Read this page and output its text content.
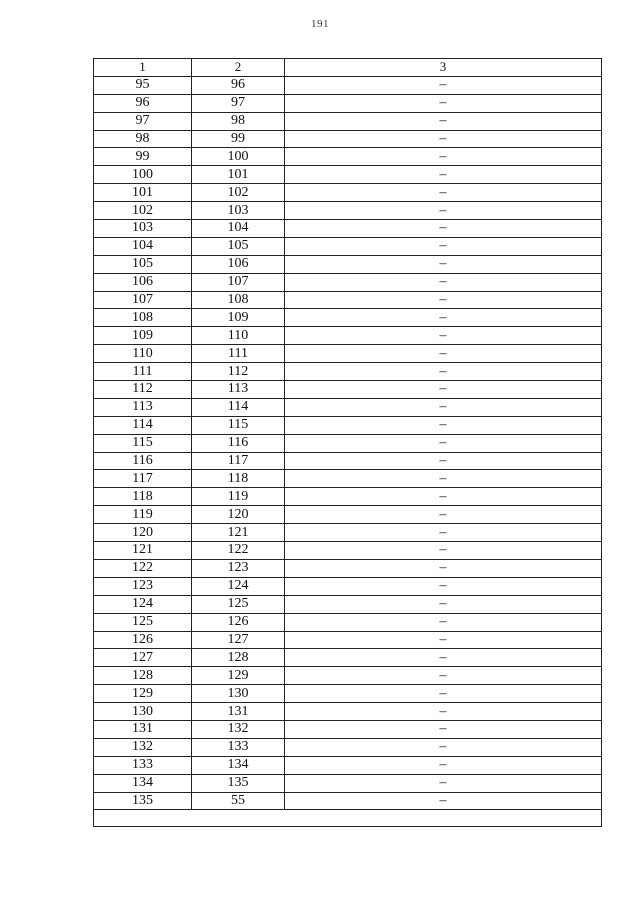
191
1	2	3
95	96	–
96	97	–
97	98	–
98	99	–
99	100	–
100	101	–
101	102	–
102	103	–
103	104	–
104	105	–
105	106	–
106	107	–
107	108	–
108	109	–
109	110	–
110	111	–
111	112	–
112	113	–
113	114	–
114	115	–
115	116	–
116	117	–
117	118	–
118	119	–
119	120	–
120	121	–
121	122	–
122	123	–
123	124	–
124	125	–
125	126	–
126	127	–
127	128	–
128	129	–
129	130	–
130	131	–
131	132	–
132	133	–
133	134	–
134	135	–
135	55	–
